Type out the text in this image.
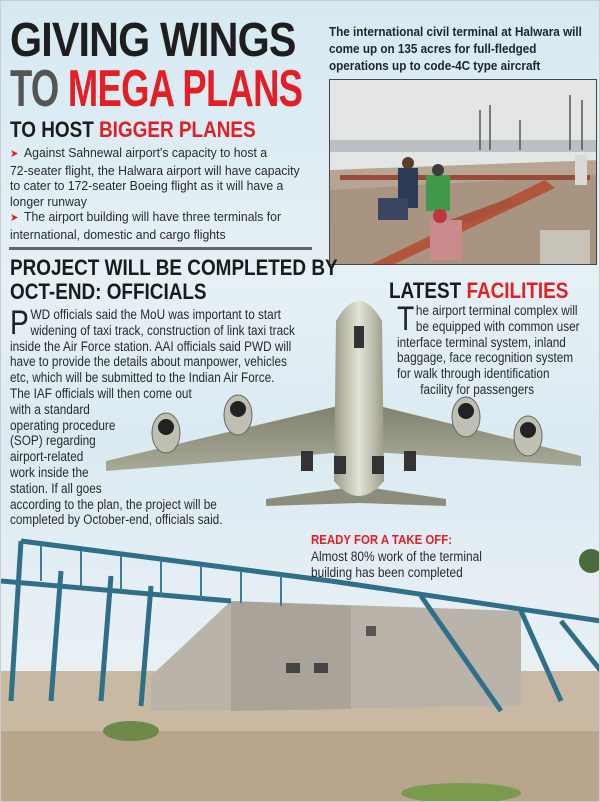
GIVING WINGS
TO MEGA PLANS
The international civil terminal at Halwara will
come up on 135 acres for full-fledged
operations up to code-4C type aircraft
TO HOST BIGGER PLANES
➤ Against Sahnewal airport's capacity to host a
72-seater flight, the Halwara airport will have capacity
to cater to 172-seater Boeing flight as it will have a
longer runway
➤ The airport building will have three terminals for
international, domestic and cargo flights
PROJECT WILL BE COMPLETED BY
OCT-END: OFFICIALS
P WD officials said the MoU was important to start
widening of taxi track, construction of link taxi track
inside the Air Force station. AAI officials said PWD will
have to provide the details about manpower, vehicles
etc, which will be submitted to the Indian Air Force.
The IAF officials will then come out
with a standard
operating procedure
(SOP) regarding
airport-related
work inside the
station. If all goes
according to the plan, the project will be
completed by October-end, officials said.
LATEST FACILITIES
T he airport terminal complex will
be equipped with common user
interface terminal system, inland
baggage, face recognition system
for walk through identification
facility for passengers
READY FOR A TAKE OFF:
Almost 80% work of the terminal
building has been completed
